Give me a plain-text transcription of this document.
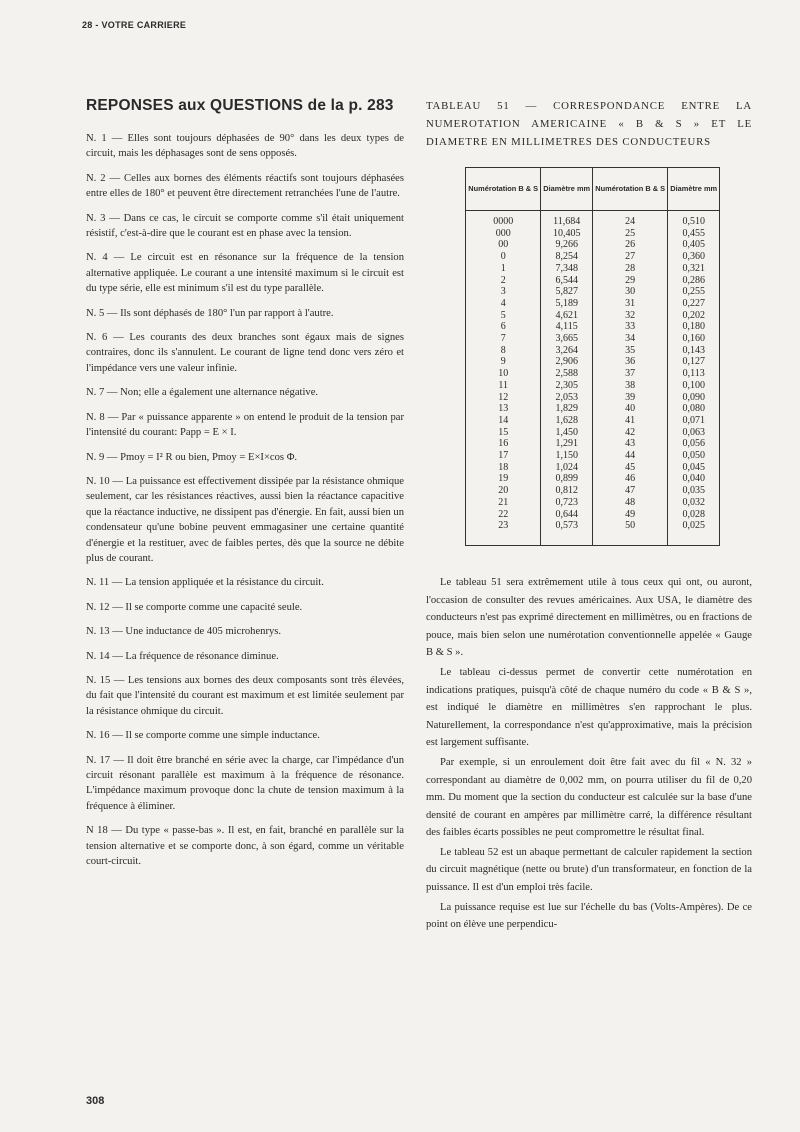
28 - VOTRE CARRIERE
REPONSES aux QUESTIONS de la p. 283

N. 1 — Elles sont toujours déphasées de 90° dans les deux types de circuit, mais les déphasages sont de sens opposés.

N. 2 — Celles aux bornes des éléments réactifs sont toujours déphasées entre elles de 180° et peuvent être directement retranchées l'une de l'autre.

N. 3 — Dans ce cas, le circuit se comporte comme s'il était uniquement résistif, c'est-à-dire que le courant est en phase avec la tension.

N. 4 — Le circuit est en résonance sur la fréquence de la tension alternative appliquée. Le courant a une intensité maximum si le circuit est du type série, elle est minimum s'il est du type parallèle.

N. 5 — Ils sont déphasés de 180° l'un par rapport à l'autre.

N. 6 — Les courants des deux branches sont égaux mais de signes contraires, donc ils s'annulent. Le courant de ligne tend donc vers zéro et l'impédance vers une valeur infinie.

N. 7 — Non; elle a également une alternance négative.

N. 8 — Par « puissance apparente » on entend le produit de la tension par l'intensité du courant: Papp = E × I.

N. 9 — Pmoy = I² R ou bien, Pmoy = E×I×cos Φ.

N. 10 — La puissance est effectivement dissipée par la résistance ohmique seulement, car les résistances réactives, aussi bien la réactance capacitive que la réactance inductive, ne dissipent pas d'énergie. En fait, aussi bien un condensateur qu'une bobine peuvent emmagasiner une certaine quantité d'énergie et la restituer, avec de faibles pertes, dès que la source ne débite plus de courant.

N. 11 — La tension appliquée et la résistance du circuit.

N. 12 — Il se comporte comme une capacité seule.

N. 13 — Une inductance de 405 microhenrys.

N. 14 — La fréquence de résonance diminue.

N. 15 — Les tensions aux bornes des deux composants sont très élevées, du fait que l'intensité du courant est maximum et est limitée seulement par la résistance ohmique du circuit.

N. 16 — Il se comporte comme une simple inductance.

N. 17 — Il doit être branché en série avec la charge, car l'impédance d'un circuit résonant parallèle est maximum à la fréquence de résonance. L'impédance maximum provoque donc la chute de tension maximum à la fréquence à éliminer.

N 18 — Du type « passe-bas ». Il est, en fait, branché en parallèle sur la tension alternative et se comporte donc, à son égard, comme un véritable court-circuit.

TABLEAU 51 — CORRESPONDANCE ENTRE LA NUMEROTATION AMERICAINE « B & S » ET LE DIAMETRE EN MILLIMETRES DES CONDUCTEURS
Numérotation B & S	Diamètre mm	Numérotation B & S	Diamètre mm
0000	11,684	24	0,510
000	10,405	25	0,455
00	9,266	26	0,405
0	8,254	27	0,360
1	7,348	28	0,321
2	6,544	29	0,286
3	5,827	30	0,255
4	5,189	31	0,227
5	4,621	32	0,202
6	4,115	33	0,180
7	3,665	34	0,160
8	3,264	35	0,143
9	2,906	36	0,127
10	2,588	37	0,113
11	2,305	38	0,100
12	2,053	39	0,090
13	1,829	40	0,080
14	1,628	41	0,071
15	1,450	42	0,063
16	1,291	43	0,056
17	1,150	44	0,050
18	1,024	45	0,045
19	0,899	46	0,040
20	0,812	47	0,035
21	0,723	48	0,032
22	0,644	49	0,028
23	0,573	50	0,025

Le tableau 51 sera extrêmement utile à tous ceux qui ont, ou auront, l'occasion de consulter des revues américaines. Aux USA, le diamètre des conducteurs n'est pas exprimé directement en millimètres, ou en fractions de pouce, mais bien selon une numérotation conventionnelle appelée « Gauge B & S ».

Le tableau ci-dessus permet de convertir cette numérotation en indications pratiques, puisqu'à côté de chaque numéro du code « B & S », est indiqué le diamètre en millimètres s'en rapprochant le plus. Naturellement, la correspondance n'est qu'approximative, mais la précision est largement suffisante.

Par exemple, si un enroulement doit être fait avec du fil « N. 32 » correspondant au diamètre de 0,002 mm, on pourra utiliser du fil de 0,20 mm. Du moment que la section du conducteur est calculée sur la base d'une densité de courant en ampères par millimètre carré, la différence résultant des faibles écarts possibles ne peut compromettre le résultat final.

Le tableau 52 est un abaque permettant de calculer rapidement la section du circuit magnétique (nette ou brute) d'un transformateur, en fonction de la puissance. Il est d'un emploi très facile.

La puissance requise est lue sur l'échelle du bas (Volts-Ampères). De ce point on élève une perpendicu-

308
